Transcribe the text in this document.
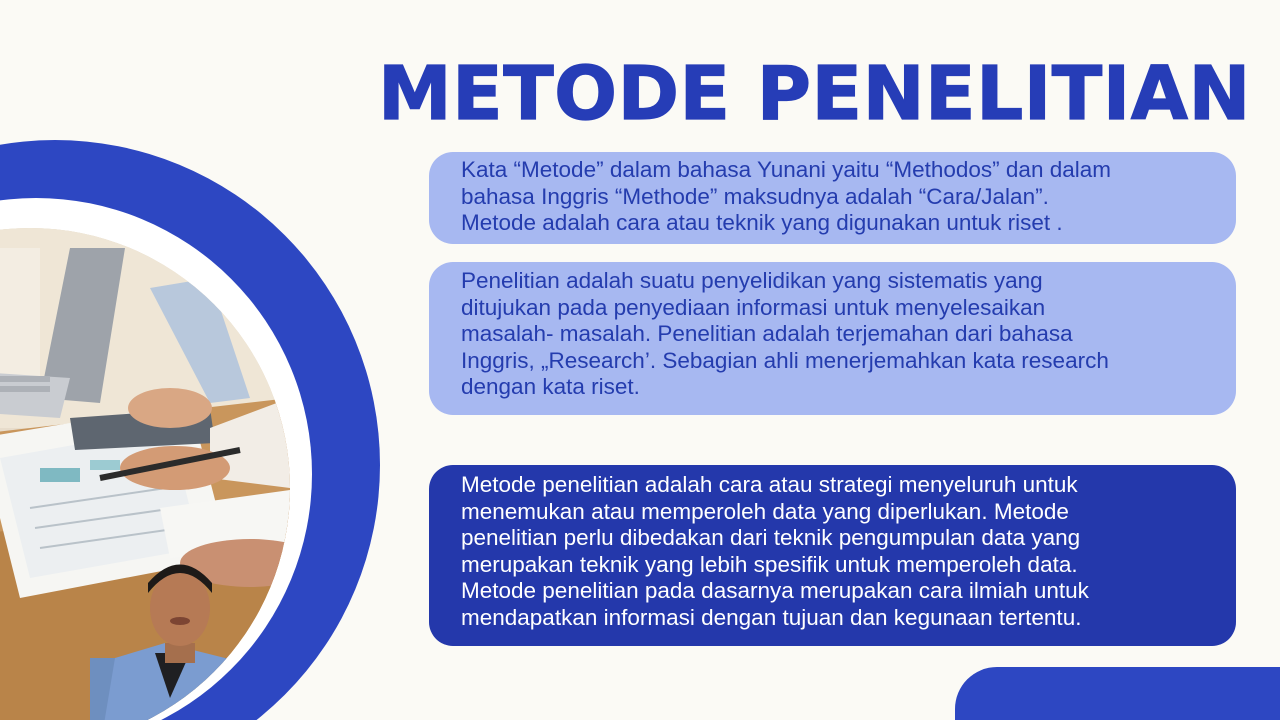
METODE PENELITIAN

Kata “Metode” dalam bahasa Yunani yaitu “Methodos” dan dalam

bahasa Inggris “Methode” maksudnya adalah “Cara/Jalan”.

Metode adalah cara atau teknik yang digunakan untuk riset .

Penelitian adalah suatu penyelidikan yang sistematis yang

ditujukan pada penyediaan informasi untuk menyelesaikan

masalah- masalah. Penelitian adalah terjemahan dari bahasa

Inggris, „Research’. Sebagian ahli menerjemahkan kata research

dengan kata riset.

Metode penelitian adalah cara atau strategi menyeluruh untuk

menemukan atau memperoleh data yang diperlukan. Metode

penelitian perlu dibedakan dari teknik pengumpulan data yang

merupakan teknik yang lebih spesifik untuk memperoleh data.

Metode penelitian pada dasarnya merupakan cara ilmiah untuk

mendapatkan informasi dengan tujuan dan kegunaan tertentu.
